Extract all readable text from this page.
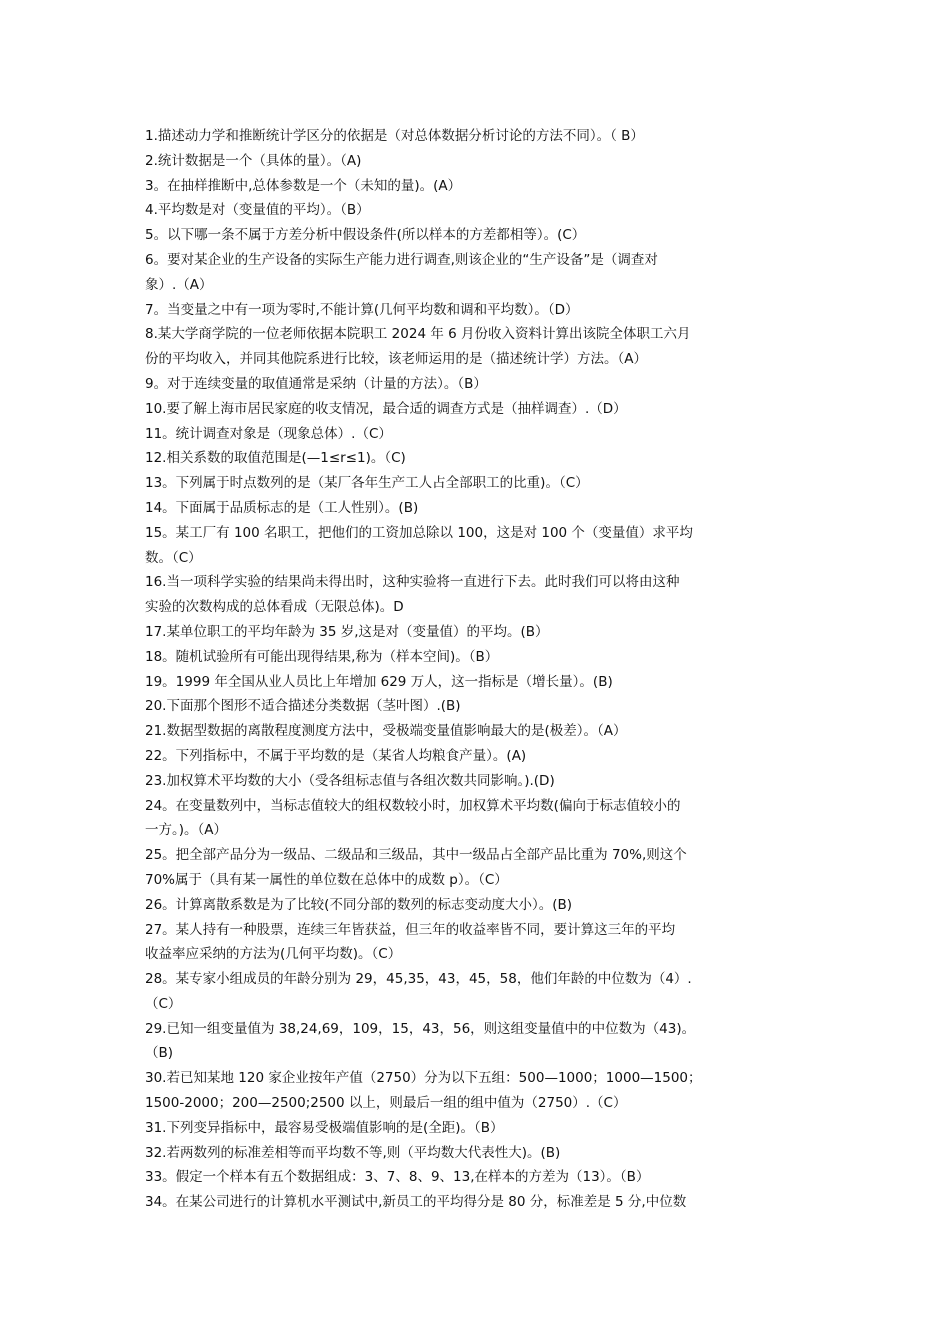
1.描述动力学和推断统计学区分的依据是（对总体数据分析讨论的方法不同）。（ B）
2.统计数据是一个（具体的量）。（A)
3。在抽样推断中,总体参数是一个（未知的量)。(A）
4.平均数是对（变量值的平均）。（B）
5。以下哪一条不属于方差分析中假设条件(所以样本的方差都相等）。(C）
6。要对某企业的生产设备的实际生产能力进行调查,则该企业的“生产设备”是（调查对
象）.（A）
7。当变量之中有一项为零时,不能计算(几何平均数和调和平均数）。（D）
8.某大学商学院的一位老师依据本院职工 2024 年 6 月份收入资料计算出该院全体职工六月
份的平均收入，并同其他院系进行比较，该老师运用的是（描述统计学）方法。（A）
9。对于连续变量的取值通常是采纳（计量的方法）。（B）
10.要了解上海市居民家庭的收支情况，最合适的调查方式是（抽样调查）.（D）
11。统计调查对象是（现象总体）.（C）
12.相关系数的取值范围是(—1≤r≤1)。（C)
13。下列属于时点数列的是（某厂各年生产工人占全部职工的比重)。（C）
14。下面属于品质标志的是（工人性别）。(B)
15。某工厂有 100 名职工，把他们的工资加总除以 100，这是对 100 个（变量值）求平均
数。（C）
16.当一项科学实验的结果尚未得出时，这种实验将一直进行下去。此时我们可以将由这种
实验的次数构成的总体看成（无限总体)。D
17.某单位职工的平均年龄为 35 岁,这是对（变量值）的平均。(B）
18。随机试验所有可能出现得结果,称为（样本空间)。（B）
19。1999 年全国从业人员比上年增加 629 万人，这一指标是（增长量）。(B)
20.下面那个图形不适合描述分类数据（茎叶图）.(B)
21.数据型数据的离散程度测度方法中，受极端变量值影响最大的是(极差）。（A）
22。下列指标中，不属于平均数的是（某省人均粮食产量）。(A)
23.加权算术平均数的大小（受各组标志值与各组次数共同影响。).(D)
24。在变量数列中，当标志值较大的组权数较小时，加权算术平均数(偏向于标志值较小的
一方。)。（A）
25。把全部产品分为一级品、二级品和三级品，其中一级品占全部产品比重为 70%,则这个
70%属于（具有某一属性的单位数在总体中的成数 p）。（C）
26。计算离散系数是为了比较(不同分部的数列的标志变动度大小）。(B)
27。某人持有一种股票，连续三年皆获益，但三年的收益率皆不同，要计算这三年的平均
收益率应采纳的方法为(几何平均数)。（C）
28。某专家小组成员的年龄分别为 29，45,35，43，45，58，他们年龄的中位数为（4）.
（C）
29.已知一组变量值为 38,24,69，109，15，43，56，则这组变量值中的中位数为（43)。
（B)
30.若已知某地 120 家企业按年产值（2750）分为以下五组：500—1000；1000—1500；
1500-2000；200—2500;2500 以上，则最后一组的组中值为（2750）.（C）
31.下列变异指标中，最容易受极端值影响的是(全距)。（B）
32.若两数列的标准差相等而平均数不等,则（平均数大代表性大)。(B)
33。假定一个样本有五个数据组成：3、7、8、9、13,在样本的方差为（13）。（B）
34。在某公司进行的计算机水平测试中,新员工的平均得分是 80 分，标准差是 5 分,中位数
